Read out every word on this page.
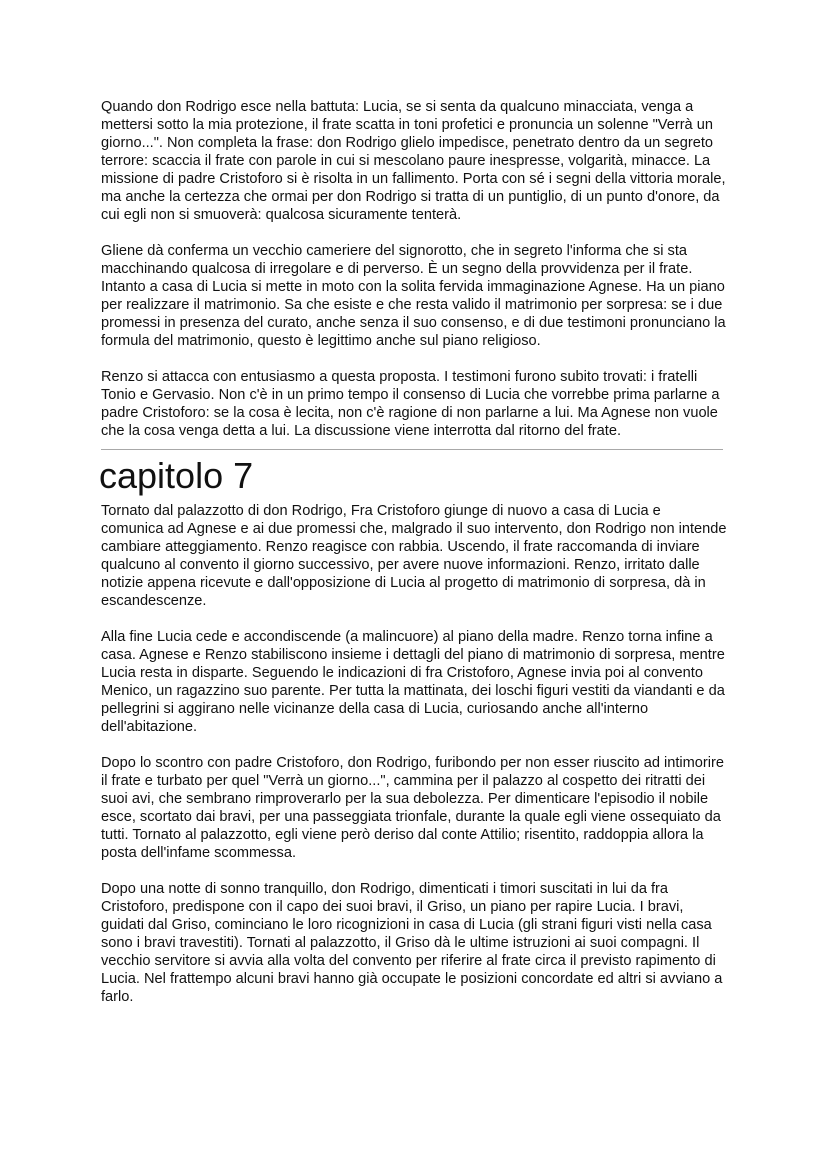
Quando don Rodrigo esce nella battuta: Lucia, se si senta da qualcuno minacciata, venga a mettersi sotto la mia protezione, il frate scatta in toni profetici e pronuncia un solenne "Verrà un giorno...". Non completa la frase: don Rodrigo glielo impedisce, penetrato dentro da un segreto terrore: scaccia il frate con parole in cui si mescolano paure inespresse, volgarità, minacce. La missione di padre Cristoforo si è risolta in un fallimento. Porta con sé i segni della vittoria morale, ma anche la certezza che ormai per don Rodrigo si tratta di un puntiglio, di un punto d'onore, da cui egli non si smuoverà: qualcosa sicuramente tenterà.

Gliene dà conferma un vecchio cameriere del signorotto, che in segreto l'informa che si sta macchinando qualcosa di irregolare e di perverso. È un segno della provvidenza per il frate. Intanto a casa di Lucia si mette in moto con la solita fervida immaginazione Agnese. Ha un piano per realizzare il matrimonio. Sa che esiste e che resta valido il matrimonio per sorpresa: se i due promessi in presenza del curato, anche senza il suo consenso, e di due testimoni pronunciano la formula del matrimonio, questo è legittimo anche sul piano religioso.

Renzo si attacca con entusiasmo a questa proposta. I testimoni furono subito trovati: i fratelli Tonio e Gervasio. Non c'è in un primo tempo il consenso di Lucia che vorrebbe prima parlarne a padre Cristoforo: se la cosa è lecita, non c'è ragione di non parlarne a lui. Ma Agnese non vuole che la cosa venga detta a lui. La discussione viene interrotta dal ritorno del frate.

capitolo 7

Tornato dal palazzotto di don Rodrigo, Fra Cristoforo giunge di nuovo a casa di Lucia e comunica ad Agnese e ai due promessi che, malgrado il suo intervento, don Rodrigo non intende cambiare atteggiamento. Renzo reagisce con rabbia. Uscendo, il frate raccomanda di inviare qualcuno al convento il giorno successivo, per avere nuove informazioni. Renzo, irritato dalle notizie appena ricevute e dall'opposizione di Lucia al progetto di matrimonio di sorpresa, dà in escandescenze.

Alla fine Lucia cede e accondiscende (a malincuore) al piano della madre. Renzo torna infine a casa. Agnese e Renzo stabiliscono insieme i dettagli del piano di matrimonio di sorpresa, mentre Lucia resta in disparte. Seguendo le indicazioni di fra Cristoforo, Agnese invia poi al convento Menico, un ragazzino suo parente. Per tutta la mattinata, dei loschi figuri vestiti da viandanti e da pellegrini si aggirano nelle vicinanze della casa di Lucia, curiosando anche all'interno dell'abitazione.

Dopo lo scontro con padre Cristoforo, don Rodrigo, furibondo per non esser riuscito ad intimorire il frate e turbato per quel "Verrà un giorno...", cammina per il palazzo al cospetto dei ritratti dei suoi avi, che sembrano rimproverarlo per la sua debolezza. Per dimenticare l'episodio il nobile esce, scortato dai bravi, per una passeggiata trionfale, durante la quale egli viene ossequiato da tutti. Tornato al palazzotto, egli viene però deriso dal conte Attilio; risentito, raddoppia allora la posta dell'infame scommessa.

Dopo una notte di sonno tranquillo, don Rodrigo, dimenticati i timori suscitati in lui da fra Cristoforo, predispone con il capo dei suoi bravi, il Griso, un piano per rapire Lucia. I bravi, guidati dal Griso, cominciano le loro ricognizioni in casa di Lucia (gli strani figuri visti nella casa sono i bravi travestiti). Tornati al palazzotto, il Griso dà le ultime istruzioni ai suoi compagni. Il vecchio servitore si avvia alla volta del convento per riferire al frate circa il previsto rapimento di Lucia. Nel frattempo alcuni bravi hanno già occupate le posizioni concordate ed altri si avviano a farlo.
